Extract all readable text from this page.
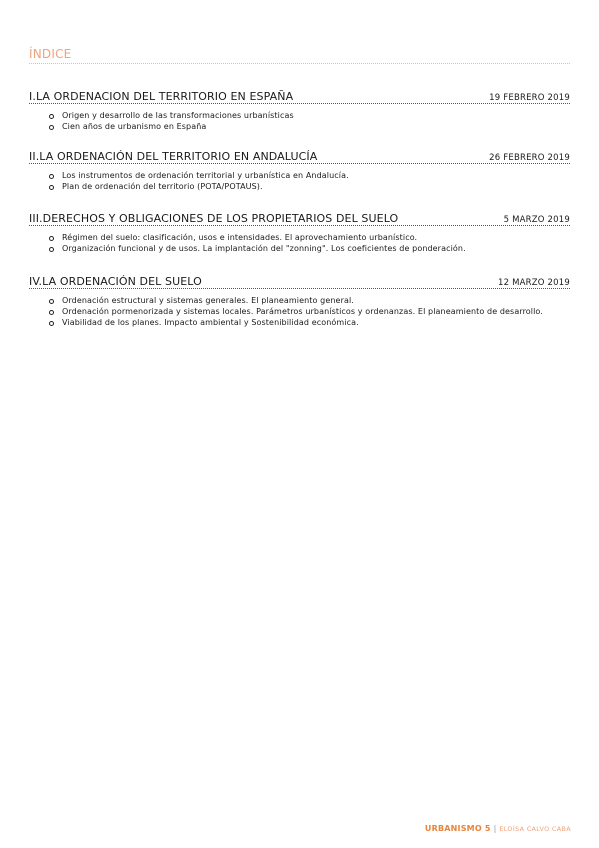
ÍNDICE
I.LA ORDENACION DEL TERRITORIO EN ESPAÑA	19 FEBRERO 2019
Origen y desarrollo de las transformaciones urbanísticas
Cien años de urbanismo en España
II.LA ORDENACIÓN DEL TERRITORIO EN ANDALUCÍA	26 FEBRERO 2019
Los instrumentos de ordenación territorial y urbanística en Andalucía.
Plan de ordenación del territorio (POTA/POTAUS).
III.DERECHOS Y OBLIGACIONES DE LOS PROPIETARIOS DEL SUELO	5 MARZO 2019
Régimen del suelo: clasificación, usos e intensidades. El aprovechamiento urbanístico.
Organización funcional y de usos. La implantación del "zonning". Los coeficientes de ponderación.
IV.LA ORDENACIÓN DEL SUELO	12 MARZO 2019
Ordenación estructural y sistemas generales. El planeamiento general.
Ordenación pormenorizada y sistemas locales. Parámetros urbanísticos y ordenanzas. El planeamiento de desarrollo.
Viabilidad de los planes. Impacto ambiental y Sostenibilidad económica.
URBANISMO 5 | ELOÍSA CALVO CABA
